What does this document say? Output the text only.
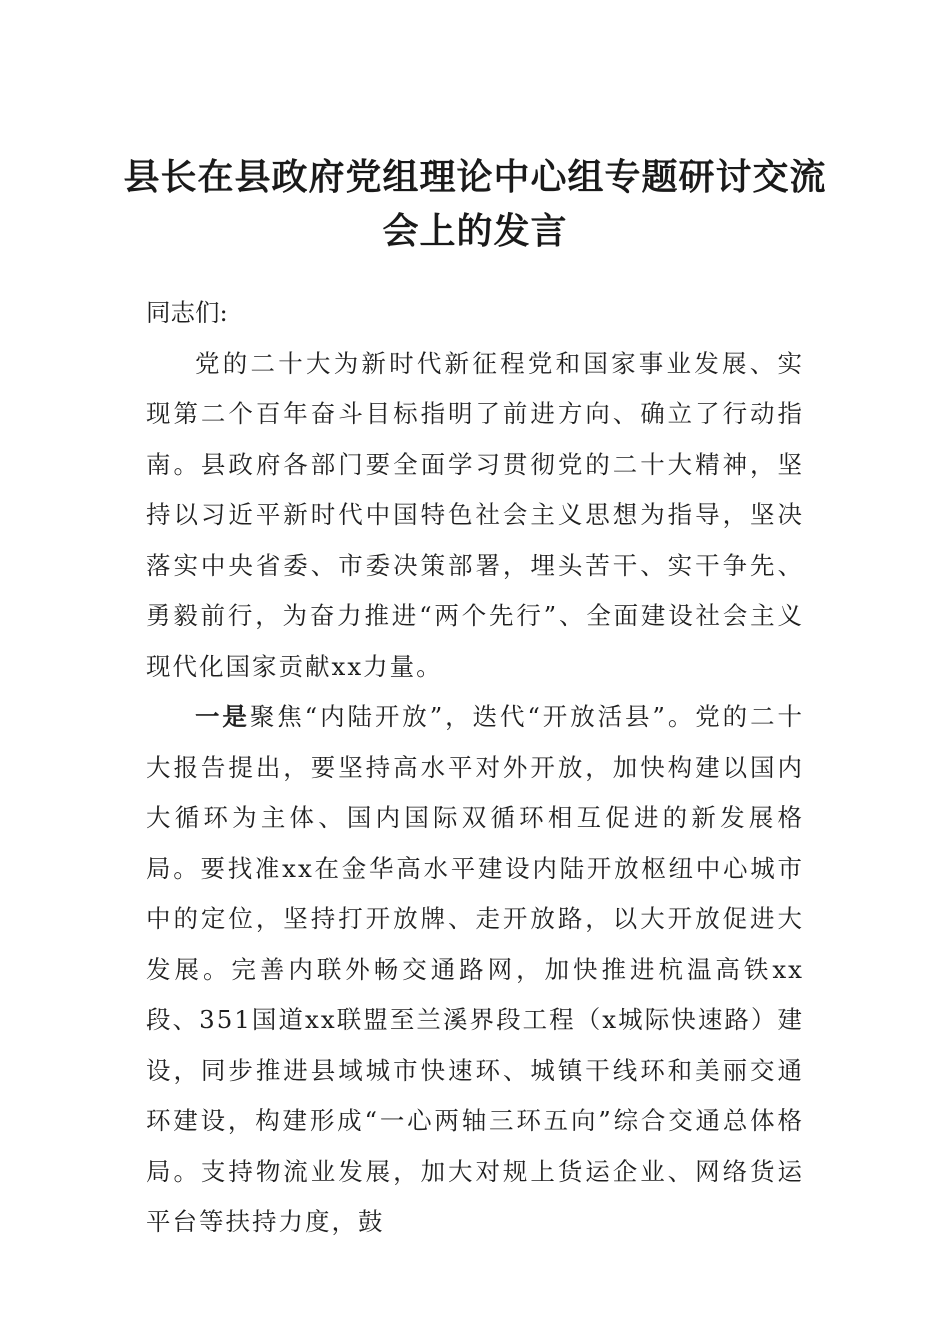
县长在县政府党组理论中心组专题研讨交流会上的发言

同志们:

党的二十大为新时代新征程党和国家事业发展、实现第二个百年奋斗目标指明了前进方向、确立了行动指南。县政府各部门要全面学习贯彻党的二十大精神，坚持以习近平新时代中国特色社会主义思想为指导，坚决落实中央省委、市委决策部署，埋头苦干、实干争先、勇毅前行，为奋力推进“两个先行”、全面建设社会主义现代化国家贡献xx力量。

一是聚焦“内陆开放”，迭代“开放活县”。党的二十大报告提出，要坚持高水平对外开放，加快构建以国内大循环为主体、国内国际双循环相互促进的新发展格局。要找准xx在金华高水平建设内陆开放枢纽中心城市中的定位，坚持打开放牌、走开放路，以大开放促进大发展。完善内联外畅交通路网，加快推进杭温高铁xx段、351国道xx联盟至兰溪界段工程（x城际快速路）建设，同步推进县域城市快速环、城镇干线环和美丽交通环建设，构建形成“一心两轴三环五向”综合交通总体格局。支持物流业发展，加大对规上货运企业、网络货运平台等扶持力度，鼓
